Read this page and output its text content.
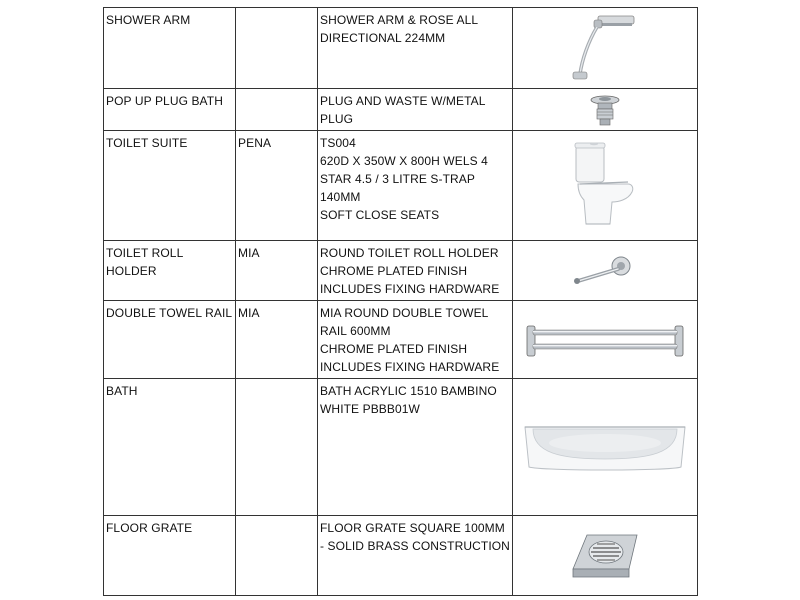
SHOWER ARM		SHOWER ARM & ROSE ALL
DIRECTIONAL 224MM

POP UP PLUG BATH		PLUG AND WASTE W/METAL
PLUG

TOILET SUITE	PENA	TS004
620D X 350W X 800H WELS 4
STAR 4.5 / 3 LITRE S-TRAP
140MM
SOFT CLOSE SEATS

TOILET ROLL HOLDER	MIA	ROUND TOILET ROLL HOLDER
CHROME PLATED FINISH
INCLUDES FIXING HARDWARE

DOUBLE TOWEL RAIL	MIA	MIA ROUND DOUBLE TOWEL
RAIL 600MM
CHROME PLATED FINISH
INCLUDES FIXING HARDWARE

BATH		BATH ACRYLIC 1510 BAMBINO
WHITE PBBB01W

FLOOR GRATE		FLOOR GRATE SQUARE 100MM
- SOLID BRASS CONSTRUCTION
